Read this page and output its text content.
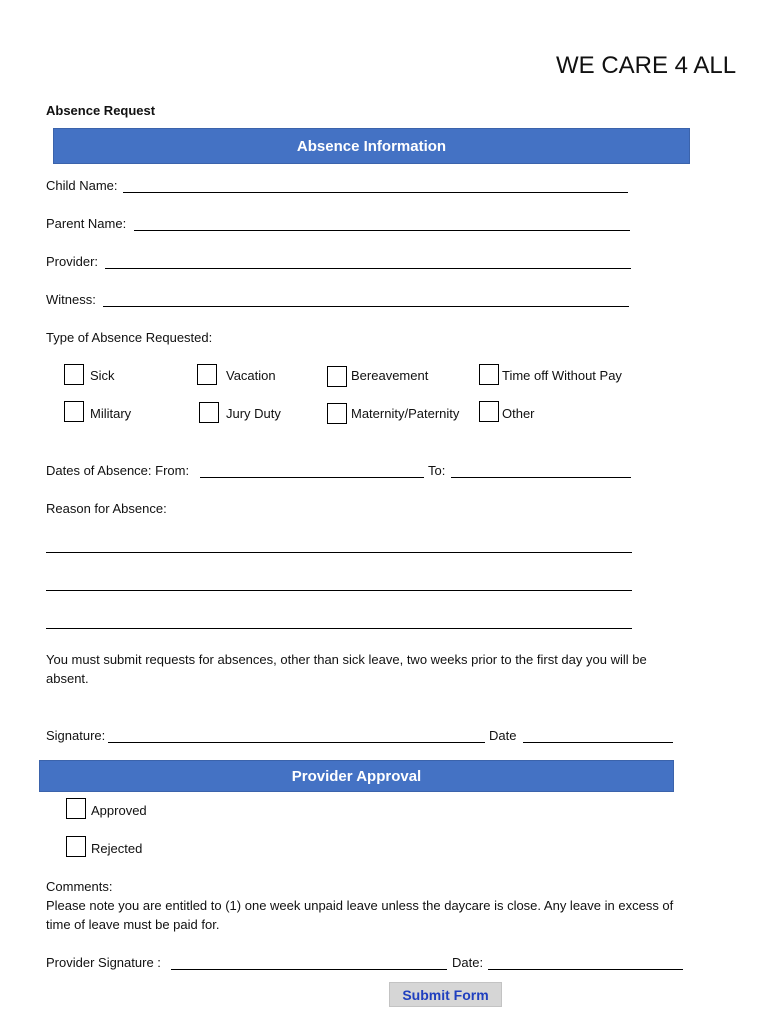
WE CARE 4 ALL
Absence Request
Absence Information
Child Name:
Parent Name:
Provider:
Witness:
Type of Absence Requested:
Sick	Vacation	Bereavement	Time off Without Pay
Military	Jury Duty	Maternity/Paternity	Other
Dates of Absence: From:	To:
Reason for Absence:
You must submit requests for absences, other than sick leave, two weeks prior to the first day you will be
absent.
Signature:	Date
Provider Approval
Approved
Rejected
Comments:
Please note you are entitled to (1) one week unpaid leave unless the daycare is close. Any leave in excess of
time of leave must be paid for.
Provider Signature :	Date:
Submit Form
